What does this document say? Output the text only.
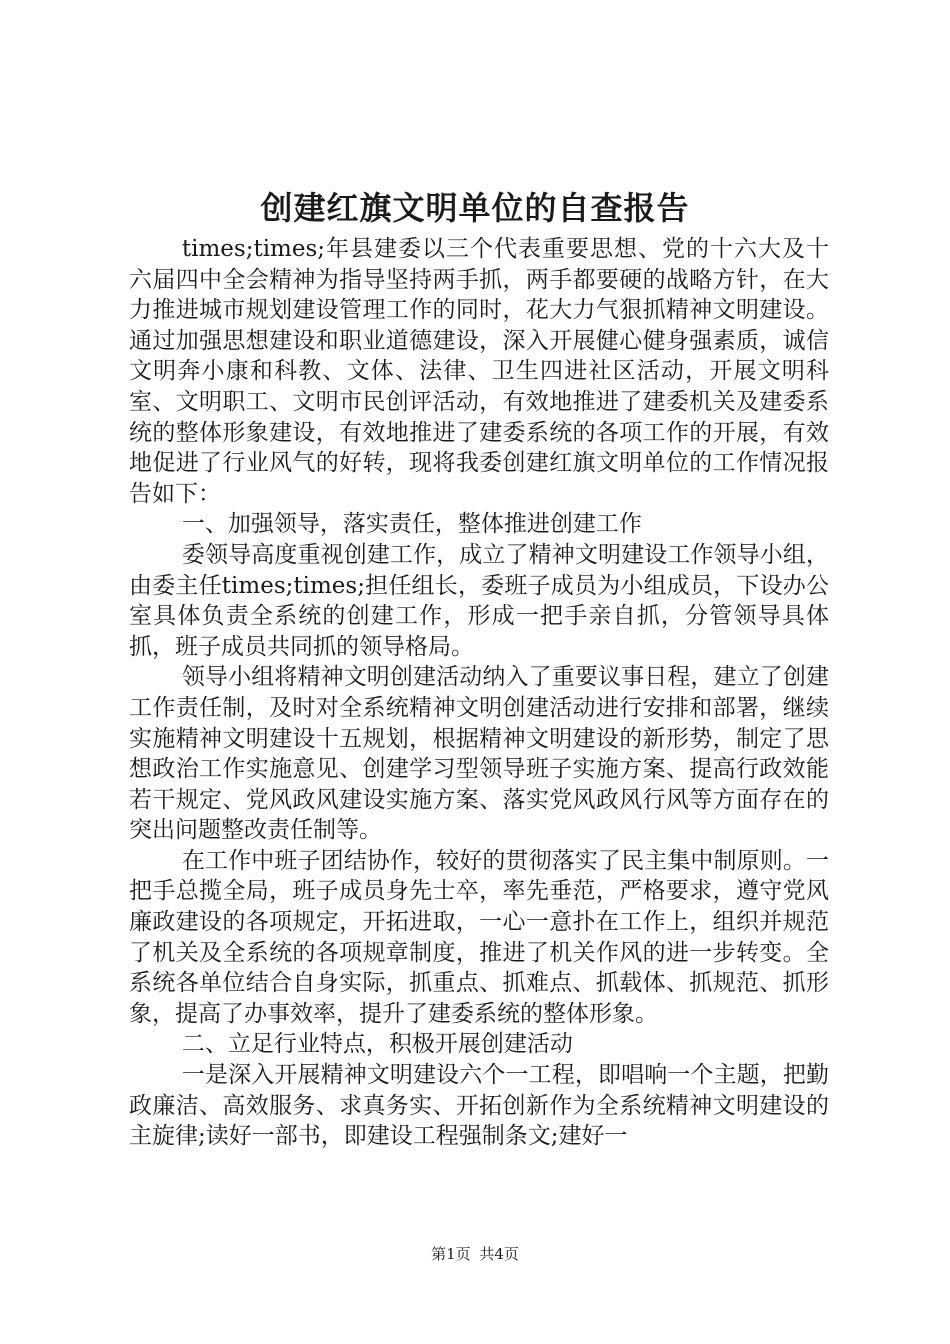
创建红旗文明单位的自查报告

times;times;年县建委以三个代表重要思想、党的十六大及十六届四中全会精神为指导坚持两手抓，两手都要硬的战略方针，在大力推进城市规划建设管理工作的同时，花大力气狠抓精神文明建设。通过加强思想建设和职业道德建设，深入开展健心健身强素质，诚信文明奔小康和科教、文体、法律、卫生四进社区活动，开展文明科室、文明职工、文明市民创评活动，有效地推进了建委机关及建委系统的整体形象建设，有效地推进了建委系统的各项工作的开展，有效地促进了行业风气的好转，现将我委创建红旗文明单位的工作情况报告如下：

一、加强领导，落实责任，整体推进创建工作

委领导高度重视创建工作，成立了精神文明建设工作领导小组，由委主任times;times;担任组长，委班子成员为小组成员，下设办公室具体负责全系统的创建工作，形成一把手亲自抓，分管领导具体抓，班子成员共同抓的领导格局。

领导小组将精神文明创建活动纳入了重要议事日程，建立了创建工作责任制，及时对全系统精神文明创建活动进行安排和部署，继续实施精神文明建设十五规划，根据精神文明建设的新形势，制定了思想政治工作实施意见、创建学习型领导班子实施方案、提高行政效能若干规定、党风政风建设实施方案、落实党风政风行风等方面存在的突出问题整改责任制等。

在工作中班子团结协作，较好的贯彻落实了民主集中制原则。一把手总揽全局，班子成员身先士卒，率先垂范，严格要求，遵守党风廉政建设的各项规定，开拓进取，一心一意扑在工作上，组织并规范了机关及全系统的各项规章制度，推进了机关作风的进一步转变。全系统各单位结合自身实际，抓重点、抓难点、抓载体、抓规范、抓形象，提高了办事效率，提升了建委系统的整体形象。

二、立足行业特点，积极开展创建活动

一是深入开展精神文明建设六个一工程，即唱响一个主题，把勤政廉洁、高效服务、求真务实、开拓创新作为全系统精神文明建设的主旋律;读好一部书，即建设工程强制条文;建好一

第1页 共4页
